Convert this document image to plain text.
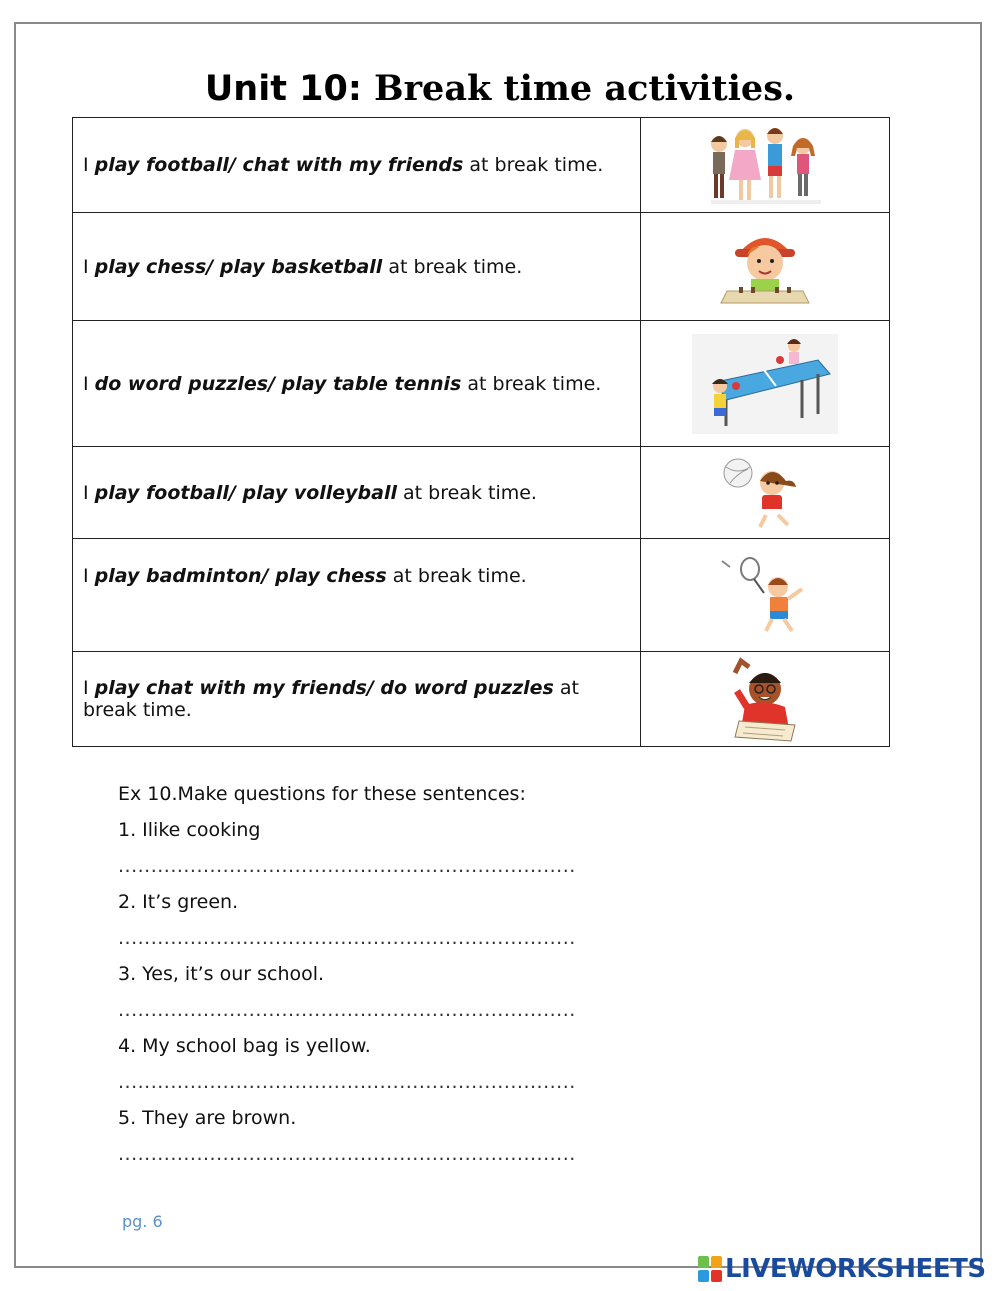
Unit 10: Break time activities.
I play football/ chat with my friends at break time.	

I play chess/ play basketball at break time.	

I do word puzzles/ play table tennis at break time.	

I play football/ play volleyball at break time.	

I play badminton/ play chess at break time.	

I play chat with my friends/ do word puzzles at break time.	
Ex 10.Make questions for these sentences:
1. Ilike cooking
......................................................................
2. It’s green.
......................................................................
3. Yes, it’s our school.
......................................................................
4. My school bag is yellow.
......................................................................
5. They are brown.
......................................................................
pg. 6
LIVEWORKSHEETS
